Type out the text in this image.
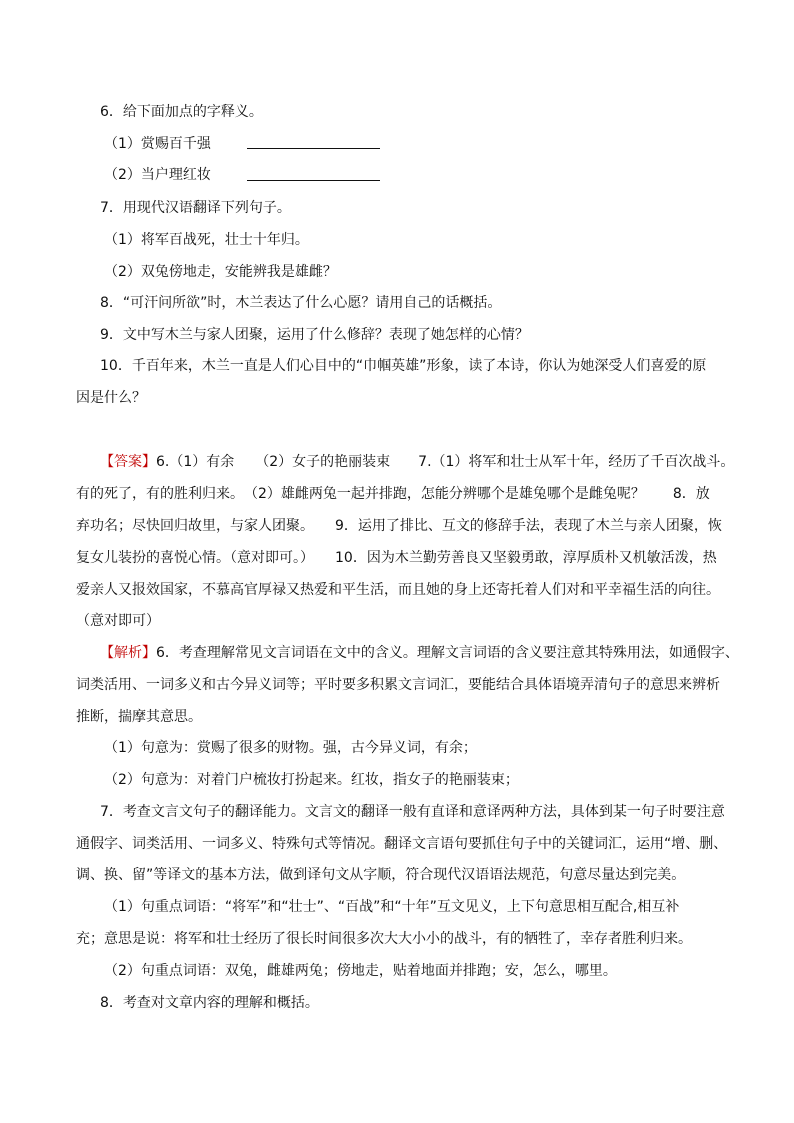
6．给下面加点的字释义。
（1）赏赐百千强
（2）当户理红妆
7．用现代汉语翻译下列句子。
（1）将军百战死，壮士十年归。
（2）双兔傍地走，安能辨我是雄雌？
8．“可汗问所欲”时，木兰表达了什么心愿？请用自己的话概括。
9．文中写木兰与家人团聚，运用了什么修辞？表现了她怎样的心情？
10．千百年来，木兰一直是人们心目中的“巾帼英雄”形象，读了本诗，你认为她深受人们喜爱的原
因是什么？
【答案】6.（1）有余　　（2）女子的艳丽装束　　7.（1）将军和壮士从军十年，经历了千百次战斗。
有的死了，有的胜利归来。　（2）雄雌两兔一起并排跑，怎能分辨哪个是雄兔哪个是雌兔呢？　　8．放
弃功名；尽快回归故里，与家人团聚。　　9．运用了排比、互文的修辞手法，表现了木兰与亲人团聚，恢
复女儿装扮的喜悦心情。（意对即可。）　　10．因为木兰勤劳善良又坚毅勇敢，淳厚质朴又机敏活泼，热
爱亲人又报效国家，不慕高官厚禄又热爱和平生活，而且她的身上还寄托着人们对和平幸福生活的向往。
（意对即可）
【解析】6．考查理解常见文言词语在文中的含义。理解文言词语的含义要注意其特殊用法，如通假字、
词类活用、一词多义和古今异义词等；平时要多积累文言词汇，要能结合具体语境弄清句子的意思来辨析
推断，揣摩其意思。
（1）句意为：赏赐了很多的财物。强，古今异义词，有余；
（2）句意为：对着门户梳妆打扮起来。红妆，指女子的艳丽装束；
7．考查文言文句子的翻译能力。文言文的翻译一般有直译和意译两种方法，具体到某一句子时要注意
通假字、词类活用、一词多义、特殊句式等情况。翻译文言语句要抓住句子中的关键词汇，运用“增、删、
调、换、留”等译文的基本方法，做到译句文从字顺，符合现代汉语语法规范，句意尽量达到完美。
（1）句重点词语：“将军”和“壮士”、“百战”和“十年”互文见义，上下句意思相互配合,相互补
充；意思是说：将军和壮士经历了很长时间很多次大大小小的战斗，有的牺牲了，幸存者胜利归来。
（2）句重点词语：双兔，雌雄两兔；傍地走，贴着地面并排跑；安，怎么，哪里。
8．考查对文章内容的理解和概括。
